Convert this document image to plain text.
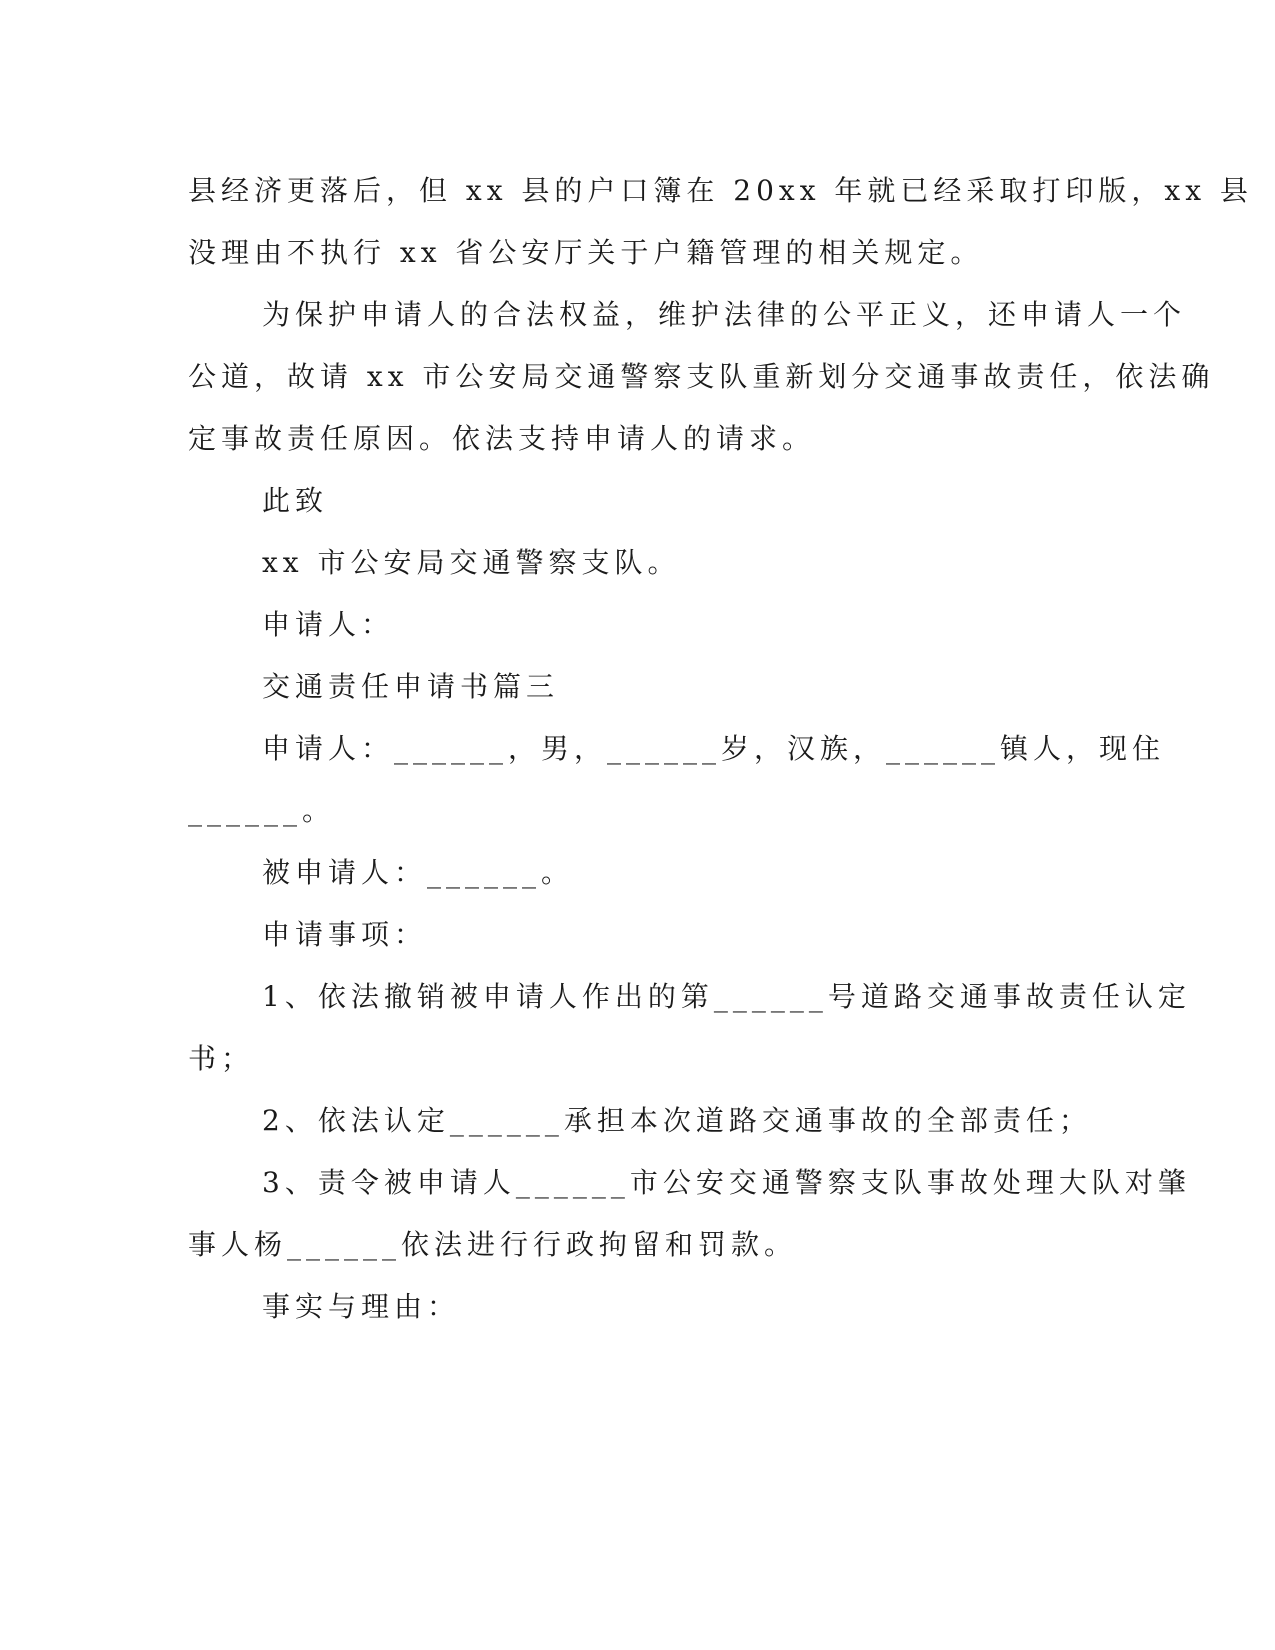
县经济更落后，但 xx 县的户口簿在 20xx 年就已经采取打印版，xx 县
没理由不执行 xx 省公安厅关于户籍管理的相关规定。
为保护申请人的合法权益，维护法律的公平正义，还申请人一个
公道，故请 xx 市公安局交通警察支队重新划分交通事故责任，依法确
定事故责任原因。依法支持申请人的请求。
此致
xx 市公安局交通警察支队。
申请人：
交通责任申请书篇三
申请人：______，男，______岁，汉族，______镇人，现住
______。
被申请人：______。
申请事项：
1、依法撤销被申请人作出的第______号道路交通事故责任认定
书；
2、依法认定______承担本次道路交通事故的全部责任；
3、责令被申请人______市公安交通警察支队事故处理大队对肇
事人杨______依法进行行政拘留和罚款。
事实与理由：
